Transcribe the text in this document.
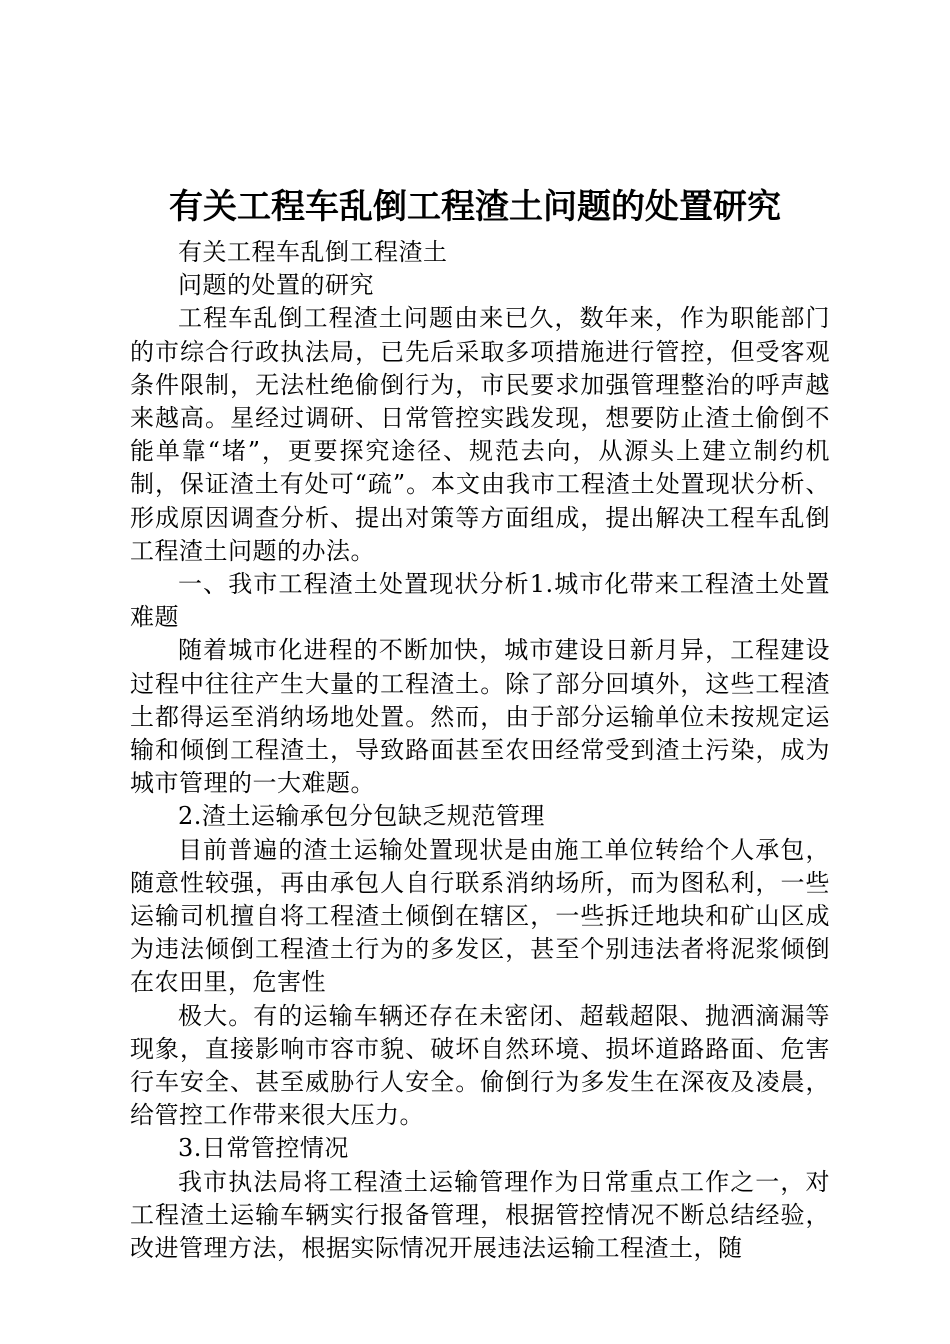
有关工程车乱倒工程渣土问题的处置研究

有关工程车乱倒工程渣土

问题的处置的研究

工程车乱倒工程渣土问题由来已久，数年来，作为职能部门的市综合行政执法局，已先后采取多项措施进行管控，但受客观条件限制，无法杜绝偷倒行为，市民要求加强管理整治的呼声越来越高。星经过调研、日常管控实践发现，想要防止渣土偷倒不能单靠“堵”，更要探究途径、规范去向，从源头上建立制约机制，保证渣土有处可“疏”。本文由我市工程渣土处置现状分析、形成原因调查分析、提出对策等方面组成，提出解决工程车乱倒工程渣土问题的办法。

一、我市工程渣土处置现状分析1.城市化带来工程渣土处置难题

随着城市化进程的不断加快，城市建设日新月异，工程建设过程中往往产生大量的工程渣土。除了部分回填外，这些工程渣土都得运至消纳场地处置。然而，由于部分运输单位未按规定运输和倾倒工程渣土，导致路面甚至农田经常受到渣土污染，成为城市管理的一大难题。

2.渣土运输承包分包缺乏规范管理

目前普遍的渣土运输处置现状是由施工单位转给个人承包，随意性较强，再由承包人自行联系消纳场所，而为图私利，一些运输司机擅自将工程渣土倾倒在辖区，一些拆迁地块和矿山区成为违法倾倒工程渣土行为的多发区，甚至个别违法者将泥浆倾倒在农田里，危害性

极大。有的运输车辆还存在未密闭、超载超限、抛洒滴漏等现象，直接影响市容市貌、破坏自然环境、损坏道路路面、危害行车安全、甚至威胁行人安全。偷倒行为多发生在深夜及凌晨，给管控工作带来很大压力。

3.日常管控情况

我市执法局将工程渣土运输管理作为日常重点工作之一，对工程渣土运输车辆实行报备管理，根据管控情况不断总结经验，改进管理方法，根据实际情况开展违法运输工程渣土，随
